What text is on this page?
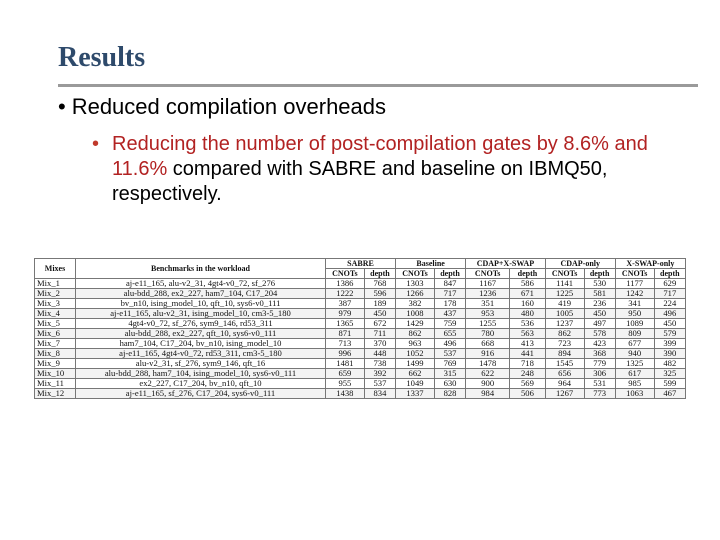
Results
• Reduced compilation overheads
• Reducing the number of post-compilation gates by 8.6% and 11.6% compared with SABRE and baseline on IBMQ50, respectively.
Mixes	Benchmarks in the workload	SABRE		Baseline		CDAP+X-SWAP		CDAP-only		X-SWAP-only	
		CNOTs	depth	CNOTs	depth	CNOTs	depth	CNOTs	depth	CNOTs	depth
Mix_1	aj-e11_165, alu-v2_31, 4gt4-v0_72, sf_276	1386	768	1303	847	1167	586	1141	530	1177	629
Mix_2	alu-bdd_288, ex2_227, ham7_104, C17_204	1222	596	1266	717	1236	671	1225	581	1242	717
Mix_3	bv_n10, ising_model_10, qft_10, sys6-v0_111	387	189	382	178	351	160	419	236	341	224
Mix_4	aj-e11_165, alu-v2_31, ising_model_10, cm3-5_180	979	450	1008	437	953	480	1005	450	950	496
Mix_5	4gt4-v0_72, sf_276, sym9_146, rd53_311	1365	672	1429	759	1255	536	1237	497	1089	450
Mix_6	alu-bdd_288, ex2_227, qft_10, sys6-v0_111	871	711	862	655	780	563	862	578	809	579
Mix_7	ham7_104, C17_204, bv_n10, ising_model_10	713	370	963	496	668	413	723	423	677	399
Mix_8	aj-e11_165, 4gt4-v0_72, rd53_311, cm3-5_180	996	448	1052	537	916	441	894	368	940	390
Mix_9	alu-v2_31, sf_276, sym9_146, qft_16	1481	738	1499	769	1478	718	1545	779	1325	482
Mix_10	alu-bdd_288, ham7_104, ising_model_10, sys6-v0_111	659	392	662	315	622	248	656	306	617	325
Mix_11	ex2_227, C17_204, bv_n10, qft_10	955	537	1049	630	900	569	964	531	985	599
Mix_12	aj-e11_165, sf_276, C17_204, sys6-v0_111	1438	834	1337	828	984	506	1267	773	1063	467
